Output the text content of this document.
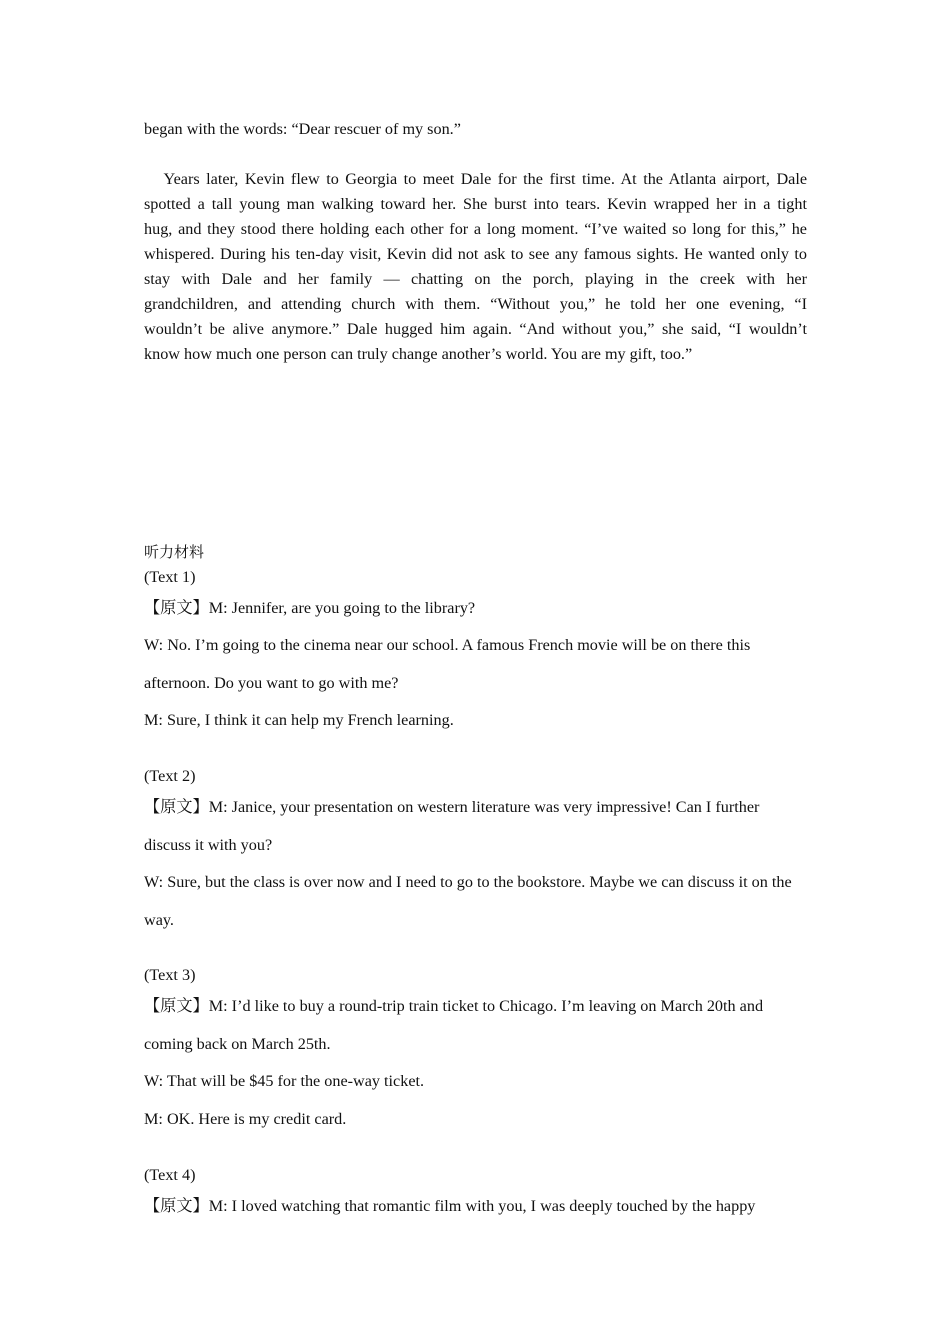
began with the words: “Dear rescuer of my son.”
Years later, Kevin flew to Georgia to meet Dale for the first time. At the Atlanta airport, Dale
spotted a tall young man walking toward her. She burst into tears. Kevin wrapped her in a tight
hug, and they stood there holding each other for a long moment. “I’ve waited so long for this,” he
whispered. During his ten-day visit, Kevin did not ask to see any famous sights. He wanted only to
stay with Dale and her family — chatting on the porch, playing in the creek with her
grandchildren, and attending church with them. “Without you,” he told her one evening, “I
wouldn’t be alive anymore.” Dale hugged him again. “And without you,” she said, “I wouldn’t
know how much one person can truly change another’s world. You are my gift, too.”
听力材料
(Text 1)
【原文】M: Jennifer, are you going to the library?
W: No. I’m going to the cinema near our school. A famous French movie will be on there this
afternoon. Do you want to go with me?
M: Sure, I think it can help my French learning.
(Text 2)
【原文】M: Janice, your presentation on western literature was very impressive! Can I further
discuss it with you?
W: Sure, but the class is over now and I need to go to the bookstore. Maybe we can discuss it on the
way.
(Text 3)
【原文】M: I’d like to buy a round-trip train ticket to Chicago. I’m leaving on March 20th and
coming back on March 25th.
W: That will be $45 for the one-way ticket.
M: OK. Here is my credit card.
(Text 4)
【原文】M: I loved watching that romantic film with you, I was deeply touched by the happy
